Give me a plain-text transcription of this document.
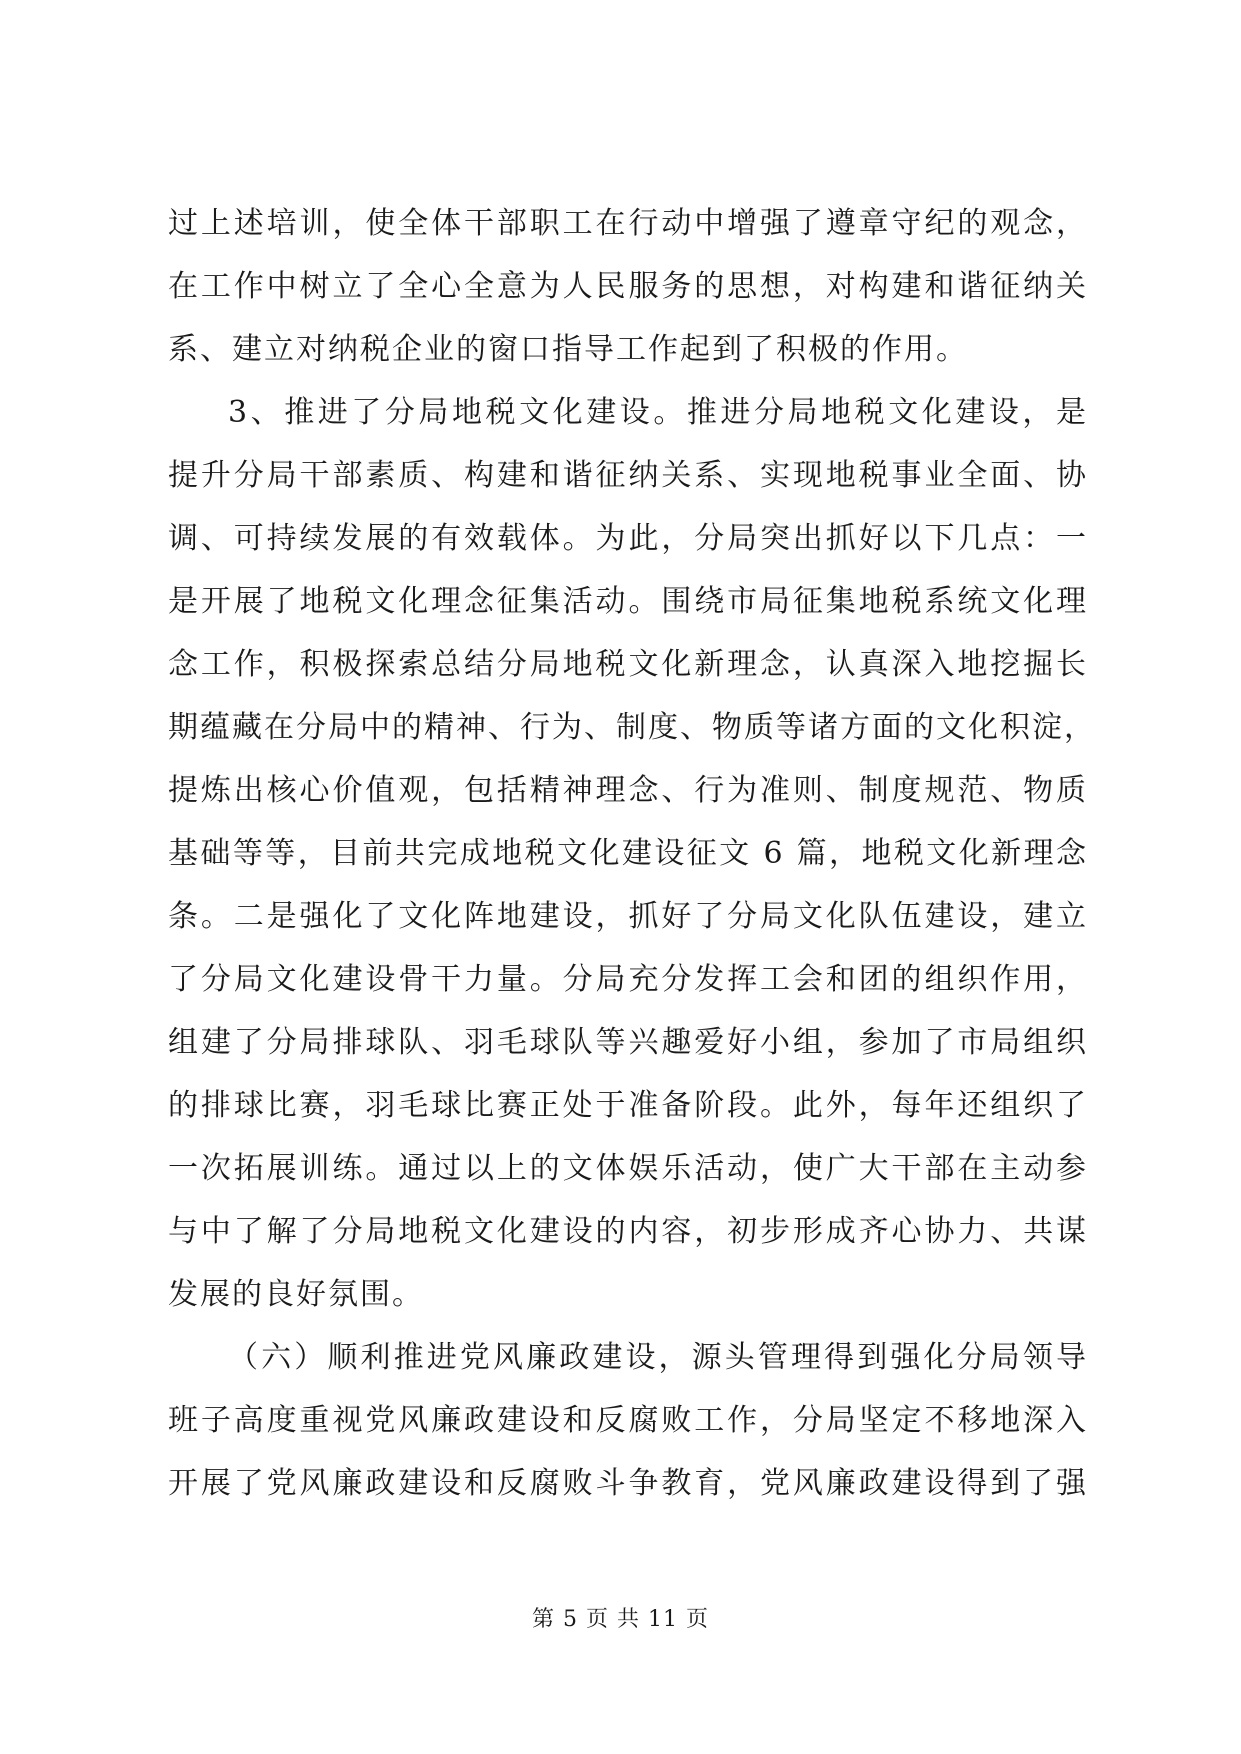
过上述培训，使全体干部职工在行动中增强了遵章守纪的观念，
在工作中树立了全心全意为人民服务的思想，对构建和谐征纳关
系、建立对纳税企业的窗口指导工作起到了积极的作用。
3、推进了分局地税文化建设。推进分局地税文化建设，是
提升分局干部素质、构建和谐征纳关系、实现地税事业全面、协
调、可持续发展的有效载体。为此，分局突出抓好以下几点：一
是开展了地税文化理念征集活动。围绕市局征集地税系统文化理
念工作，积极探索总结分局地税文化新理念，认真深入地挖掘长
期蕴藏在分局中的精神、行为、制度、物质等诸方面的文化积淀，
提炼出核心价值观，包括精神理念、行为准则、制度规范、物质
基础等等，目前共完成地税文化建设征文 6 篇，地税文化新理念
条。二是强化了文化阵地建设，抓好了分局文化队伍建设，建立
了分局文化建设骨干力量。分局充分发挥工会和团的组织作用，
组建了分局排球队、羽毛球队等兴趣爱好小组，参加了市局组织
的排球比赛，羽毛球比赛正处于准备阶段。此外，每年还组织了
一次拓展训练。通过以上的文体娱乐活动，使广大干部在主动参
与中了解了分局地税文化建设的内容，初步形成齐心协力、共谋
发展的良好氛围。
（六）顺利推进党风廉政建设，源头管理得到强化分局领导
班子高度重视党风廉政建设和反腐败工作，分局坚定不移地深入
开展了党风廉政建设和反腐败斗争教育，党风廉政建设得到了强
第 5 页 共 11 页
